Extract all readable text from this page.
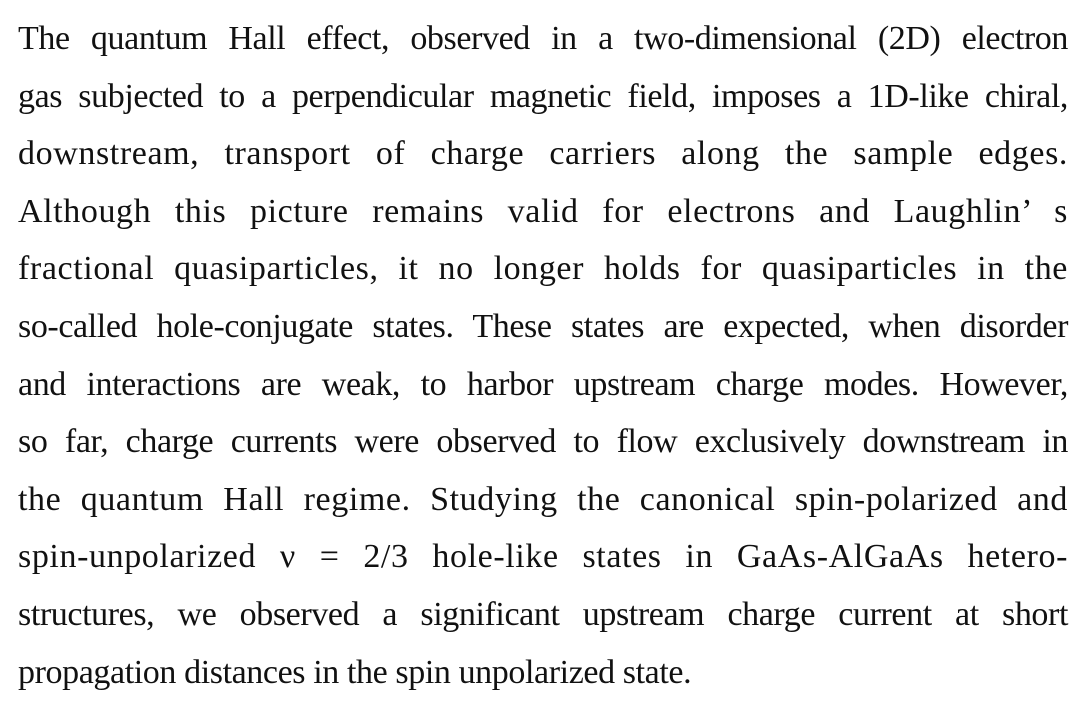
The quantum Hall effect, observed in a two-dimensional (2D) electron
gas subjected to a perpendicular magnetic field, imposes a 1D-like chiral,
downstream, transport of charge carriers along the sample edges.
Although this picture remains valid for electrons and Laughlin’ s
fractional quasiparticles, it no longer holds for quasiparticles in the
so-called hole-conjugate states. These states are expected, when disorder
and interactions are weak, to harbor upstream charge modes. However,
so far, charge currents were observed to flow exclusively downstream in
the quantum Hall regime. Studying the canonical spin-polarized and
spin-unpolarized ν = 2/3 hole-like states in GaAs-AlGaAs hetero-
structures, we observed a significant upstream charge current at short
propagation distances in the spin unpolarized state.
